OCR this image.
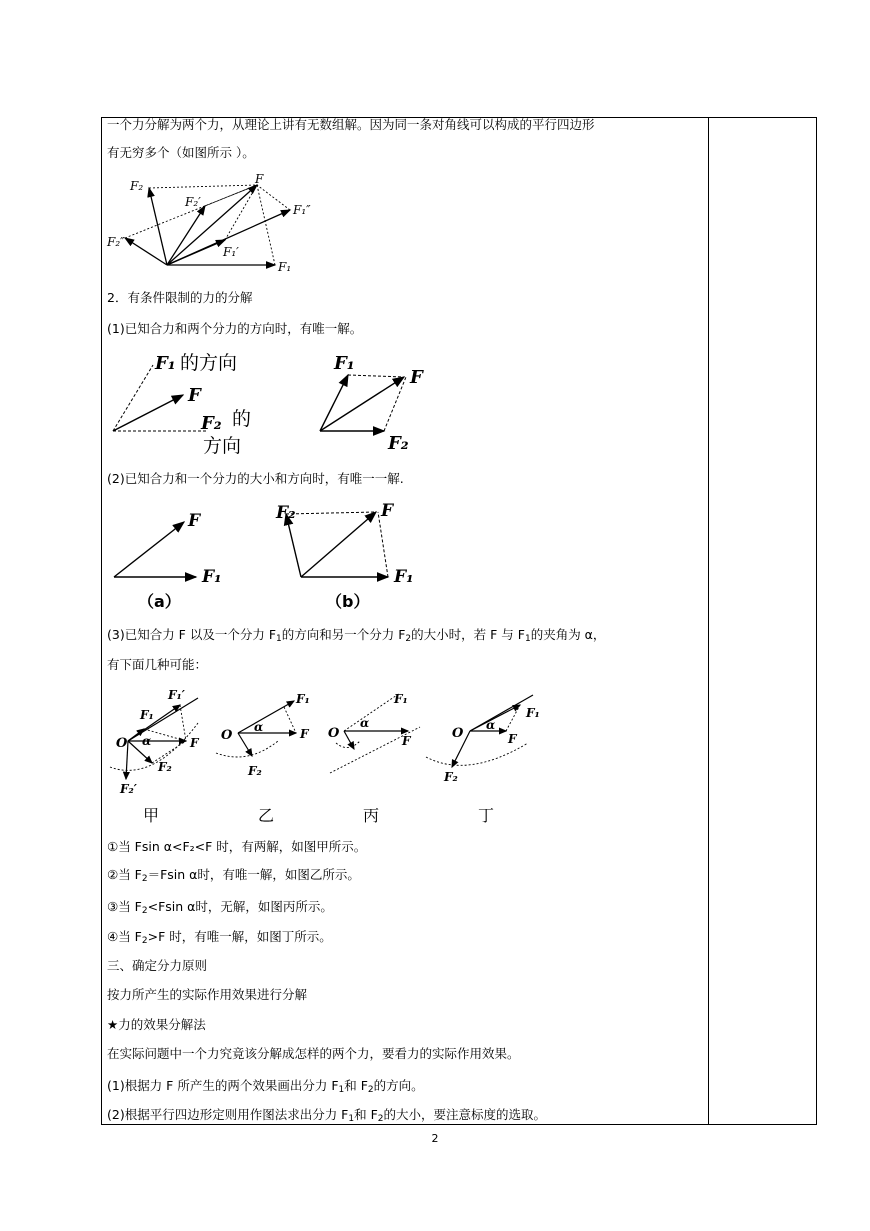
一个力分解为两个力，从理论上讲有无数组解。因为同一条对角线可以构成的平行四边形
有无穷多个（如图所示 ）。
F₂	F
F₂′
F₁″
F₂″
F₁′
F₁
2．有条件限制的力的分解
(1)已知合力和两个分力的方向时，有唯一解。
F₁ 的方向
F
F₂ 的
方向
F₁
F
F₂
(2)已知合力和一个分力的大小和方向时，有唯一一解.
F
F₁
（a）
F₂	F
F₁
（b）
(3)已知合力 F 以及一个分力 $F_1$的方向和另一个分力 $F_2$的大小时，若 F 与 $F_1$的夹角为 α，
有下面几种可能：
F₁′
F₁
α
O	F
F₂
F₂′
甲
O
α
F₁
F
F₂
乙
O
α
F₁
F
丙
O
α
F₁
F
F₂
丁
①当 Fsin α<F₂<F 时，有两解，如图甲所示。
②当 $F_2=Fsin$ α时，有唯一解，如图乙所示。
③当 $F_2<Fsin$ α时，无解，如图丙所示。
④当 $F_2>F$ 时，有唯一解，如图丁所示。
三、确定分力原则
按力所产生的实际作用效果进行分解
★力的效果分解法
在实际问题中一个力究竟该分解成怎样的两个力，要看力的实际作用效果。
(1)根据力 F 所产生的两个效果画出分力 $F_1$和 $F_2$的方向。
(2)根据平行四边形定则用作图法求出分力 $F_1$和 $F_2$的大小，要注意标度的选取。
2
